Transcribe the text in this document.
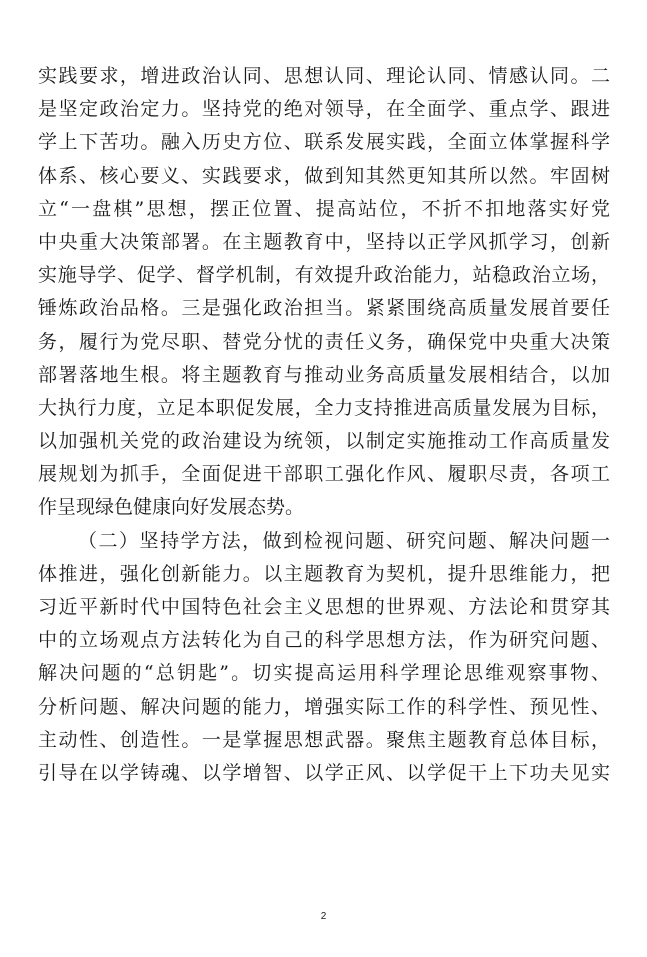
实践要求，增进政治认同、思想认同、理论认同、情感认同。二
是坚定政治定力。坚持党的绝对领导，在全面学、重点学、跟进
学上下苦功。融入历史方位、联系发展实践，全面立体掌握科学
体系、核心要义、实践要求，做到知其然更知其所以然。牢固树
立“一盘棋”思想，摆正位置、提高站位，不折不扣地落实好党
中央重大决策部署。在主题教育中，坚持以正学风抓学习，创新
实施导学、促学、督学机制，有效提升政治能力，站稳政治立场，
锤炼政治品格。三是强化政治担当。紧紧围绕高质量发展首要任
务，履行为党尽职、替党分忧的责任义务，确保党中央重大决策
部署落地生根。将主题教育与推动业务高质量发展相结合，以加
大执行力度，立足本职促发展，全力支持推进高质量发展为目标，
以加强机关党的政治建设为统领，以制定实施推动工作高质量发
展规划为抓手，全面促进干部职工强化作风、履职尽责，各项工
作呈现绿色健康向好发展态势。
（二）坚持学方法，做到检视问题、研究问题、解决问题一
体推进，强化创新能力。以主题教育为契机，提升思维能力，把
习近平新时代中国特色社会主义思想的世界观、方法论和贯穿其
中的立场观点方法转化为自己的科学思想方法，作为研究问题、
解决问题的“总钥匙”。切实提高运用科学理论思维观察事物、
分析问题、解决问题的能力，增强实际工作的科学性、预见性、
主动性、创造性。一是掌握思想武器。聚焦主题教育总体目标，
引导在以学铸魂、以学增智、以学正风、以学促干上下功夫见实
2
